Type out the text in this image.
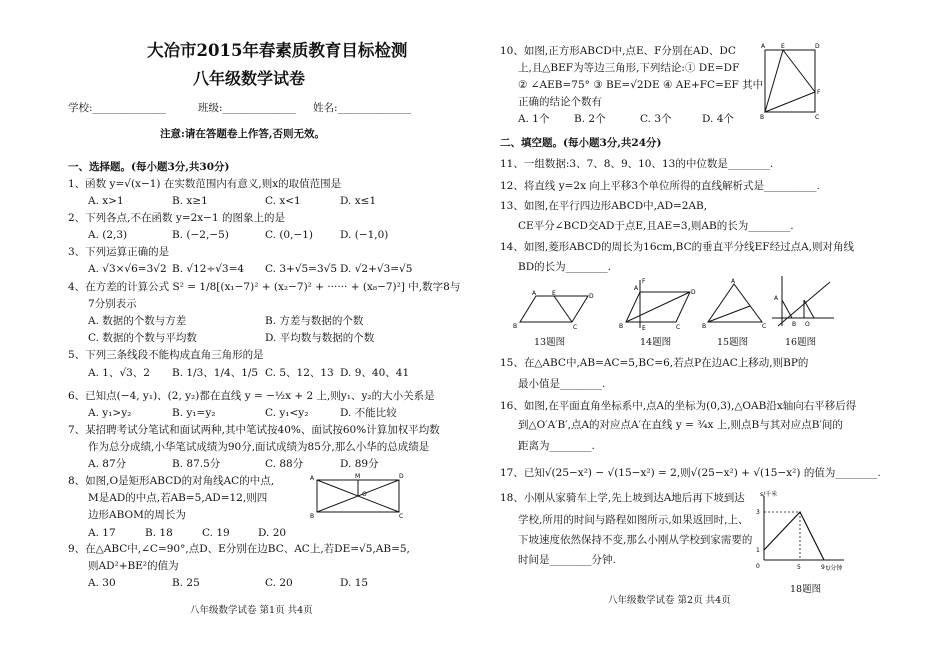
大冶市2015年春素质教育目标检测
八年级数学试卷
学校:______________	班级:______________ 姓名:______________
注意:请在答题卷上作答,否则无效。
一、选择题。(每小题3分,共30分)
1、函数 y=√(x−1) 在实数范围内有意义,则x的取值范围是
A. x>1	B. x≥1	C. x<1	D. x≤1
2、下列各点,不在函数 y=2x−1 的图象上的是
A. (2,3)	B. (−2,−5)	C. (0,−1)	D. (−1,0)
3、下列运算正确的是
A. √3×√6=3√2 B. √12÷√3=4 C. 3+√5=3√5 D. √2+√3=√5
4、在方差的计算公式 S² = 1/8[(x₁−7)² + (x₂−7)² + ······ + (x₈−7)²] 中,数字8与
7分别表示
A. 数据的个数与方差	B. 方差与数据的个数
C. 数据的个数与平均数	D. 平均数与数据的个数
5、下列三条线段不能构成直角三角形的是
A. 1、√3、2 B. 1/3、1/4、1/5 C. 5、12、13 D. 9、40、41
6、已知点(−4, y₁)、(2, y₂)都在直线 y = −½x + 2 上,则y₁、y₂的大小关系是
A. y₁>y₂	B. y₁=y₂	C. y₁<y₂	D. 不能比较
7、某招聘考试分笔试和面试两种,其中笔试按40%、面试按60%计算加权平均数
作为总分成绩,小华笔试成绩为90分,面试成绩为85分,那么小华的总成绩是
A. 87分	B. 87.5分	C. 88分	D. 89分
8、如图,O是矩形ABCD的对角线AC的中点,
M是AD的中点,若AB=5,AD=12,则四
边形ABOM的周长为
A. 17	B. 18	C. 19	D. 20
A	M	D
O
B	C
9、在△ABC中,∠C=90°,点D、E分别在边BC、AC上,若DE=√5,AB=5,
则AD²+BE²的值为
A. 30	B. 25	C. 20	D. 15
八年级数学试卷 第1页 共4页
10、如图,正方形ABCD中,点E、F分别在AD、DC
上,且△BEF为等边三角形,下列结论:① DE=DF
② ∠AEB=75° ③ BE=√2DE ④ AE+FC=EF 其中
正确的结论个数有
A. 1个 B. 2个	C. 3个	D. 4个
A	E	D
F
B	C
二、填空题。(每小题3分,共24分)
11、一组数据:3、7、8、9、10、13的中位数是________.
12、将直线 y=2x 向上平移3个单位所得的直线解析式是__________.
13、如图,在平行四边形ABCD中,AD=2AB,
CE平分∠BCD交AD于点E,且AE=3,则AB的长为________.
14、如图,菱形ABCD的周长为16cm,BC的垂直平分线EF经过点A,则对角线
BD的长为________.
A	E	D
B	C
13题图
A
F
D
B	E	C
14题图
A
B	C
15题图
A
B O
16题图
15、在△ABC中,AB=AC=5,BC=6,若点P在边AC上移动,则BP的
最小值是________.
16、如图,在平面直角坐标系中,点A的坐标为(0,3),△OAB沿x轴向右平移后得
到△O′A′B′,点A的对应点A′在直线 y = ¾x 上,则点B与其对应点B′间的
距离为________.
17、已知√(25−x²) − √(15−x²) = 2,则√(25−x²) + √(15−x²) 的值为________.
18、小刚从家骑车上学,先上坡到达A地后再下坡到达
学校,所用的时间与路程如图所示,如果返回时,上、
下坡速度依然保持不变,那么小刚从学校到家需要的
时间是________分钟.
s/千米
t/分钟
3
1
0	5	9
18题图
八年级数学试卷 第2页 共4页
